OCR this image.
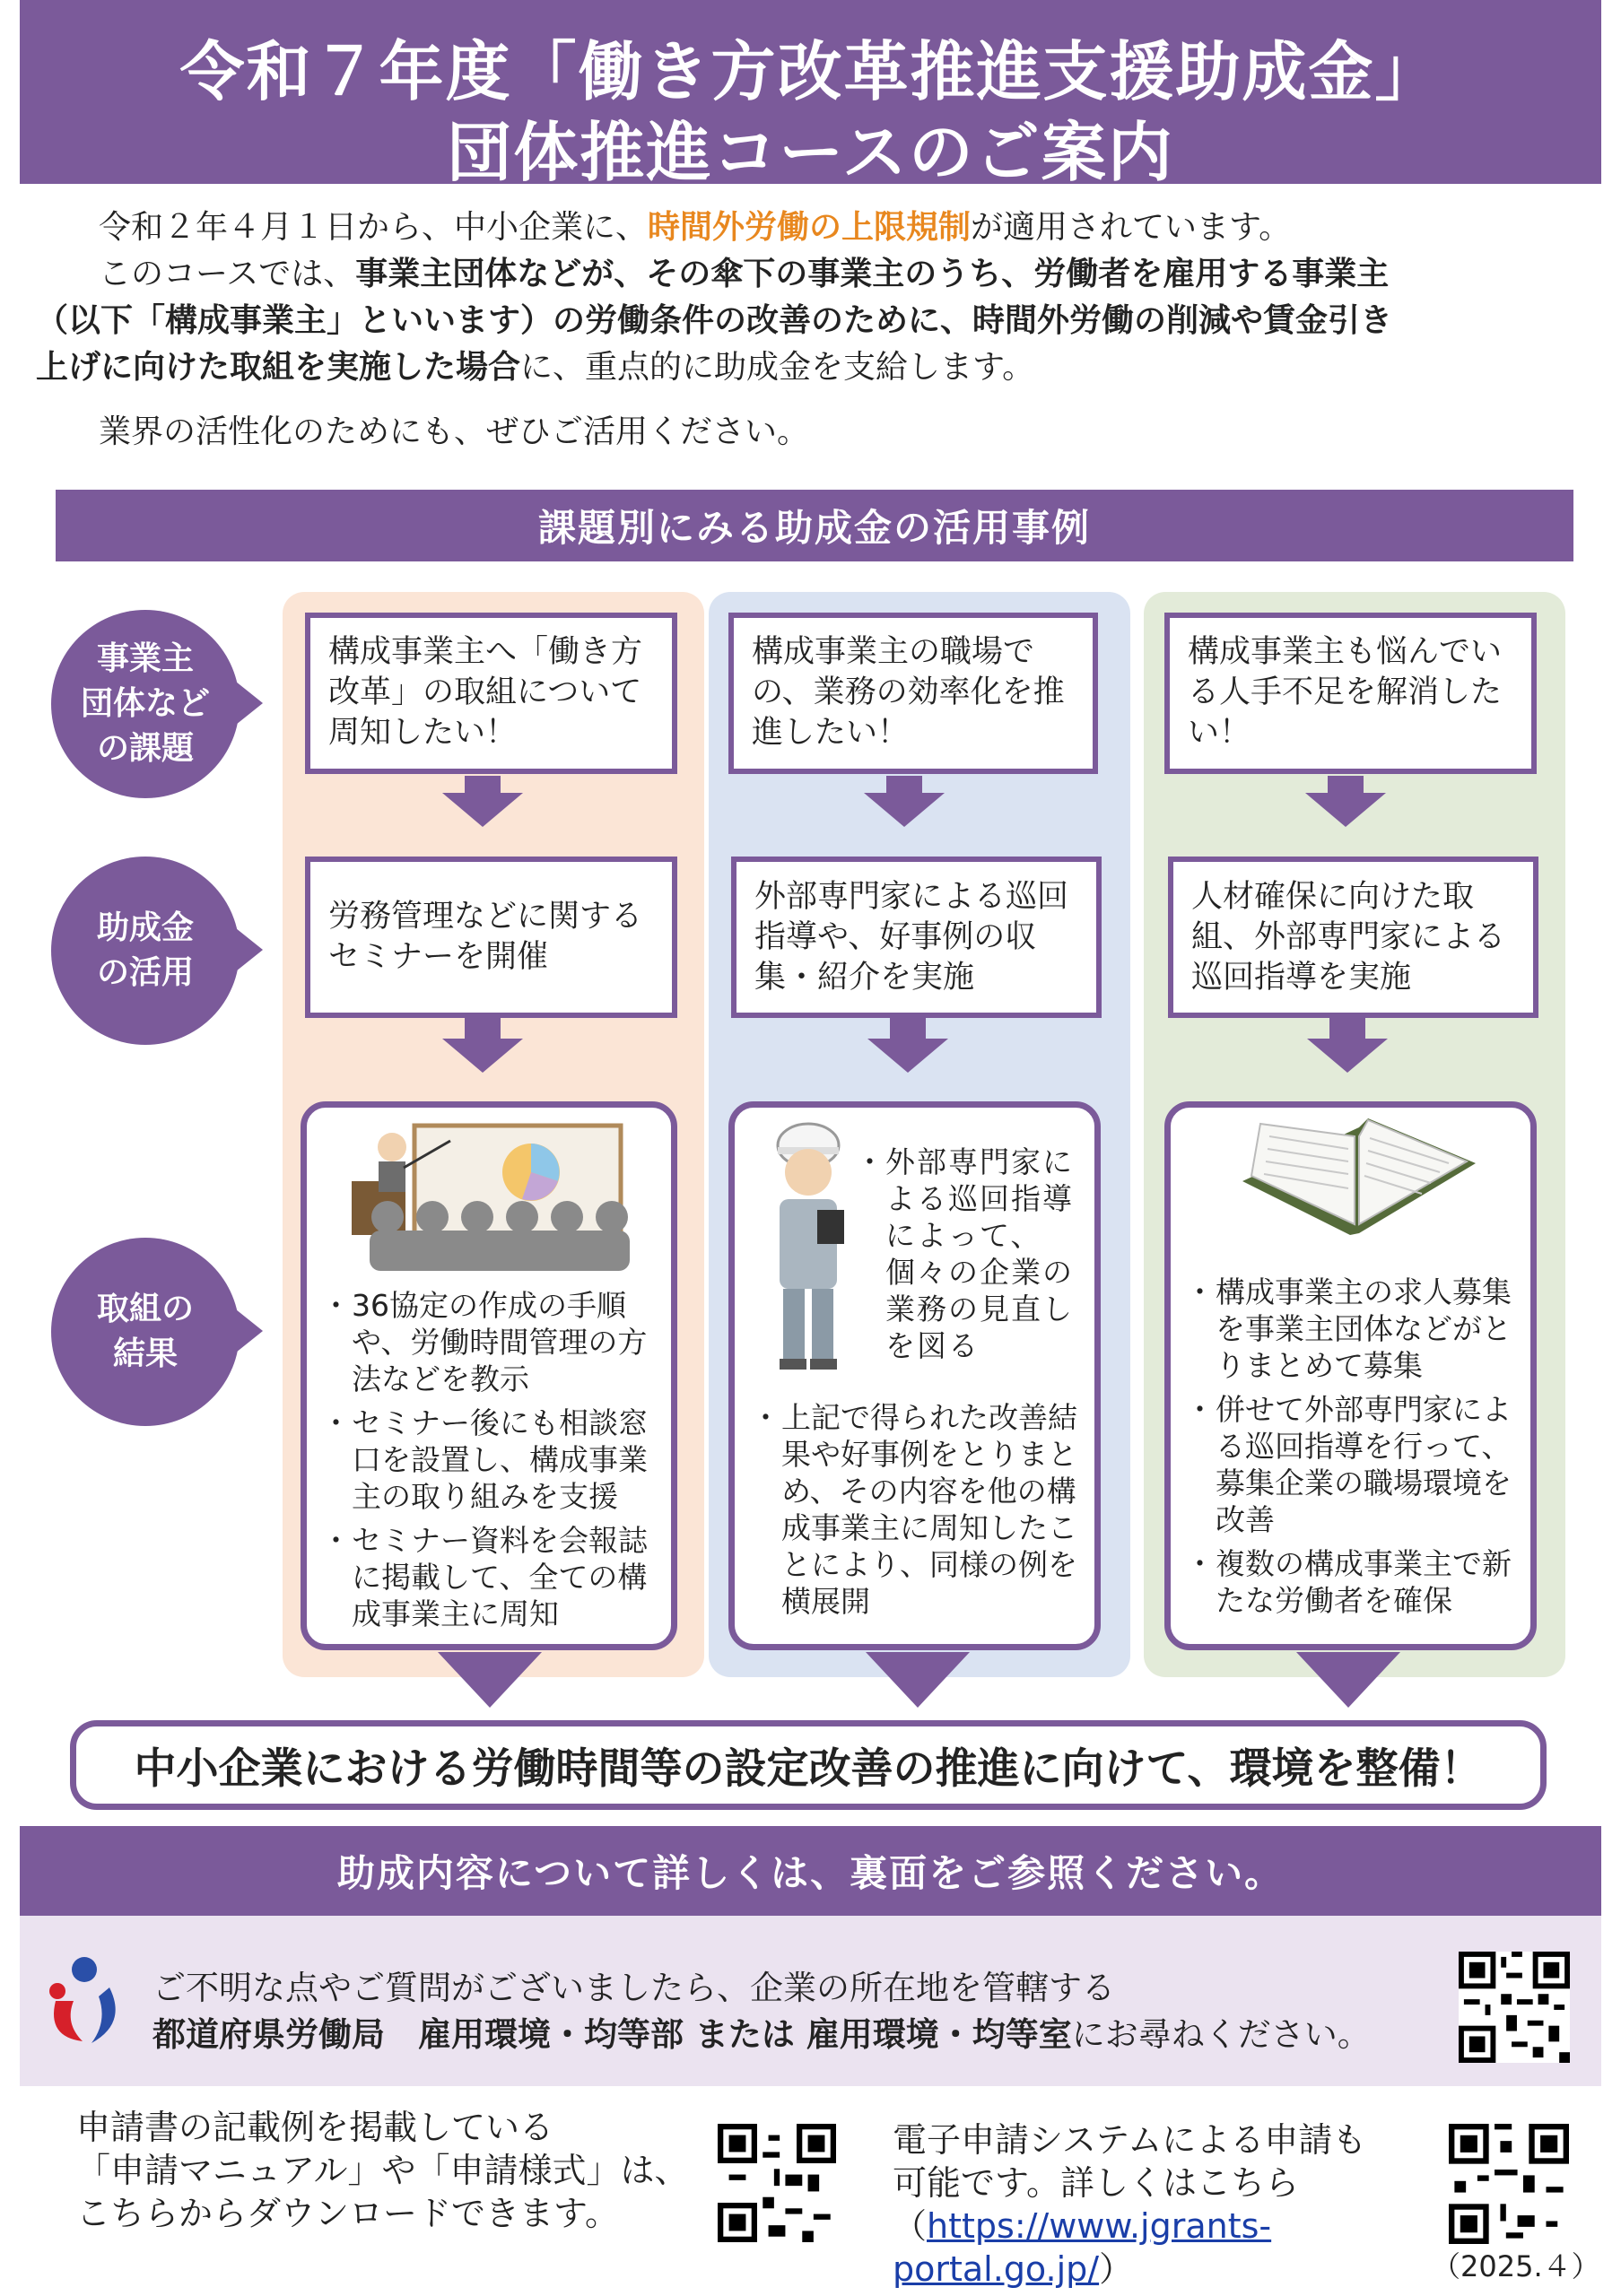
令和７年度「働き方改革推進支援助成金」
団体推進コースのご案内

令和２年４月１日から、中小企業に、時間外労働の上限規制が適用されています。

このコースでは、事業主団体などが、その傘下の事業主のうち、労働者を雇用する事業主

（以下「構成事業主」といいます）の労働条件の改善のために、時間外労働の削減や賃金引き

上げに向けた取組を実施した場合に、重点的に助成金を支給します。

業界の活性化のためにも、ぜひご活用ください。

課題別にみる助成金の活用事例
事業主
団体など
の課題
助成金
の活用
取組の
結果
構成事業主へ「働き方改革」の取組について周知したい！
労務管理などに関するセミナーを開催
・ 36協定の作成の手順や、労働時間管理の方法などを教示
・ セミナー後にも相談窓口を設置し、構成事業主の取り組みを支援
・ セミナー資料を会報誌に掲載して、全ての構成事業主に周知
構成事業主の職場での、業務の効率化を推進したい！
外部専門家による巡回指導や、好事例の収集・紹介を実施
・ 外部専門家による巡回指導によって、個々の企業の業務の見直しを図る
・ 上記で得られた改善結果や好事例をとりまとめ、その内容を他の構成事業主に周知したことにより、同様の例を横展開
構成事業主も悩んでいる人手不足を解消したい！
人材確保に向けた取組、外部専門家による巡回指導を実施
・ 構成事業主の求人募集を事業主団体などがとりまとめて募集
・ 併せて外部専門家による巡回指導を行って、募集企業の職場環境を改善
・ 複数の構成事業主で新たな労働者を確保
中小企業における労働時間等の設定改善の推進に向けて、環境を整備！
助成内容について詳しくは、裏面をご参照ください。
ご不明な点やご質問がございましたら、企業の所在地を管轄する
都道府県労働局　雇用環境・均等部 または 雇用環境・均等室にお尋ねください。
申請書の記載例を掲載している
「申請マニュアル」や「申請様式」は、
こちらからダウンロードできます。
電子申請システムによる申請も
可能です。詳しくはこちら
（https://www.jgrants-portal.go.jp/）	（2025.４）
